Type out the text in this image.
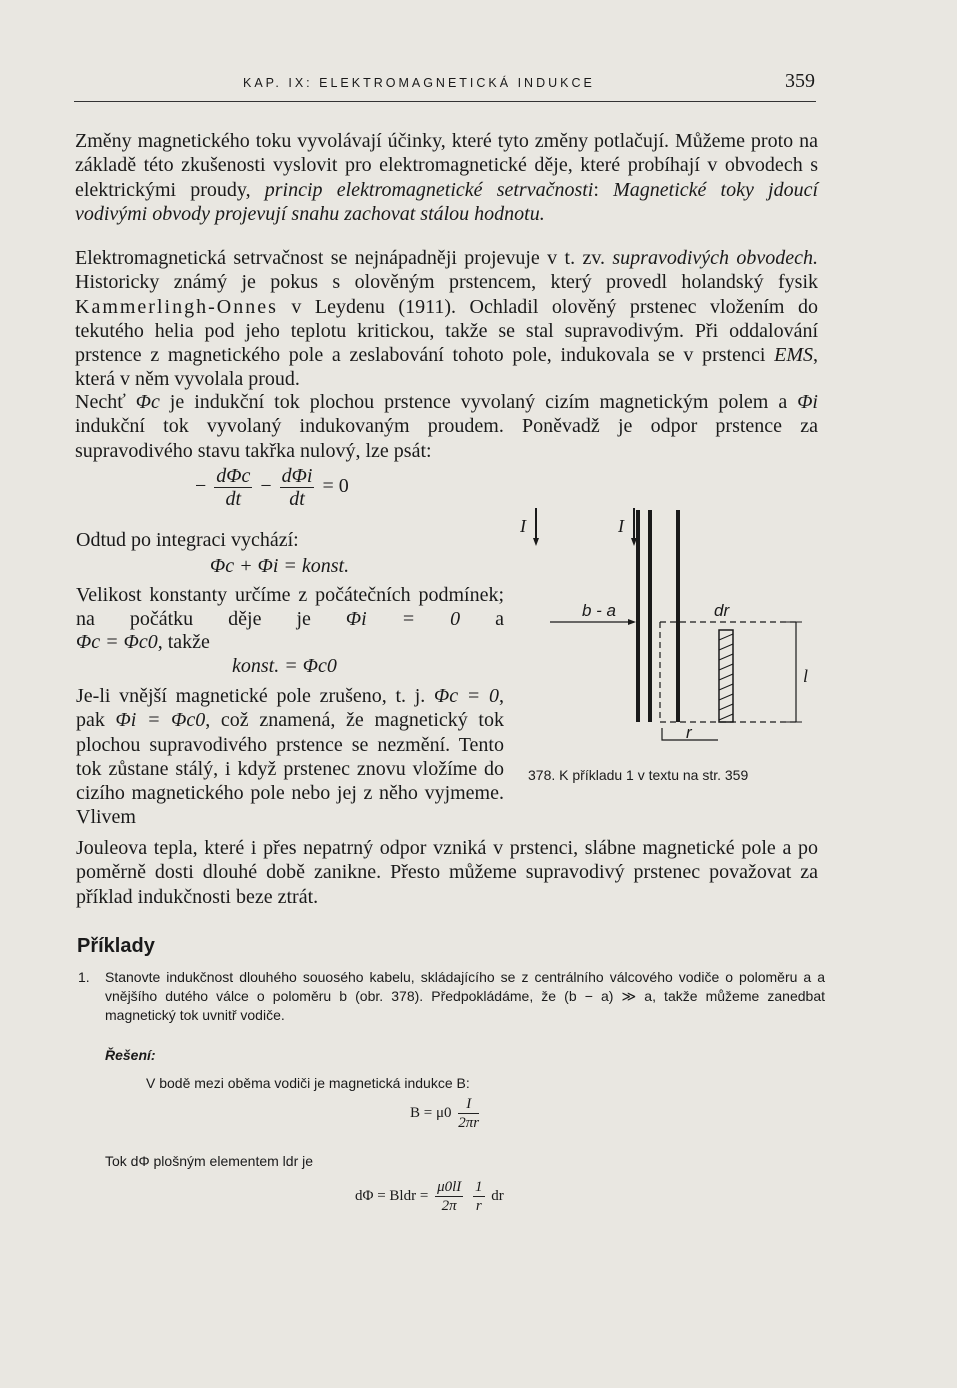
KAP. IX: ELEKTROMAGNETICKÁ INDUKCE	359

Změny magnetického toku vyvolávají účinky, které tyto změny potlačují. Můžeme proto na základě této zkušenosti vyslovit pro elektromagnetické děje, které probíhají v obvodech s elektrickými proudy, princip elektromagnetické setrvačnosti: Magnetické toky jdoucí vodivými obvody projevují snahu zachovat stálou hodnotu.

Elektromagnetická setrvačnost se nejnápadněji projevuje v t. zv. supravodivých obvodech. Historicky známý je pokus s olověným prstencem, který provedl holandský fysik Kammerlingh-Onnes v Leydenu (1911). Ochladil olověný prstenec vložením do tekutého helia pod jeho teplotu kritickou, takže se stal supravodivým. Při oddalování prstence z magnetického pole a zeslabování tohoto pole, indukovala se v prstenci EMS, která v něm vyvolala proud.

Nechť Φc je indukční tok plochou prstence vyvolaný cizím magnetickým polem a Φi indukční tok vyvolaný indukovaným proudem. Poněvadž je odpor prstence za supravodivého stavu takřka nulový, lze psát:

− $\frac{\text{dΦc}}{dt} - \frac{\text{dΦi}}{dt} = 0$
Odtud po integraci vychází:
Φc + Φi = konst.

Velikost konstanty určíme z počátečních podmínek; na počátku děje je Φi = 0 a

Φc = Φc0, takže
konst. = Φc0

Je-li vnější magnetické pole zrušeno, t. j. Φc = 0, pak Φi = Φc0, což znamená, že magnetický tok plochou supravodivého prstence se nezmění. Tento tok zůstane stálý, i když prstenec znovu vložíme do cizího magnetického pole nebo jej z něho vyjmeme. Vlivem

Jouleova tepla, které i přes nepatrný odpor vzniká v prstenci, slábne magnetické pole a po poměrně dosti dlouhé době zanikne. Přesto můžeme supravodivý prstenec považovat za příklad indukčnosti beze ztrát.

I	I
b - a	dr
r
l
378. K příkladu 1 v textu na str. 359
Příklady
1. Stanovte indukčnost dlouhého souosého kabelu, skládajícího se z centrálního válcového vodiče o poloměru a a vnějšího dutého válce o poloměru b (obr. 378). Předpokládáme, že (b − a) ≫ a, takže můžeme zanedbat magnetický tok uvnitř vodiče.
Řešení:
V bodě mezi oběma vodiči je magnetická indukce B:
$B = \mu 0 \frac{I}{2\pi r}$
Tok dΦ plošným elementem ldr je
dΦ = Bldr = $\frac{\mu 0lI}{2\pi}$
$\frac{1}{r}$ dr
